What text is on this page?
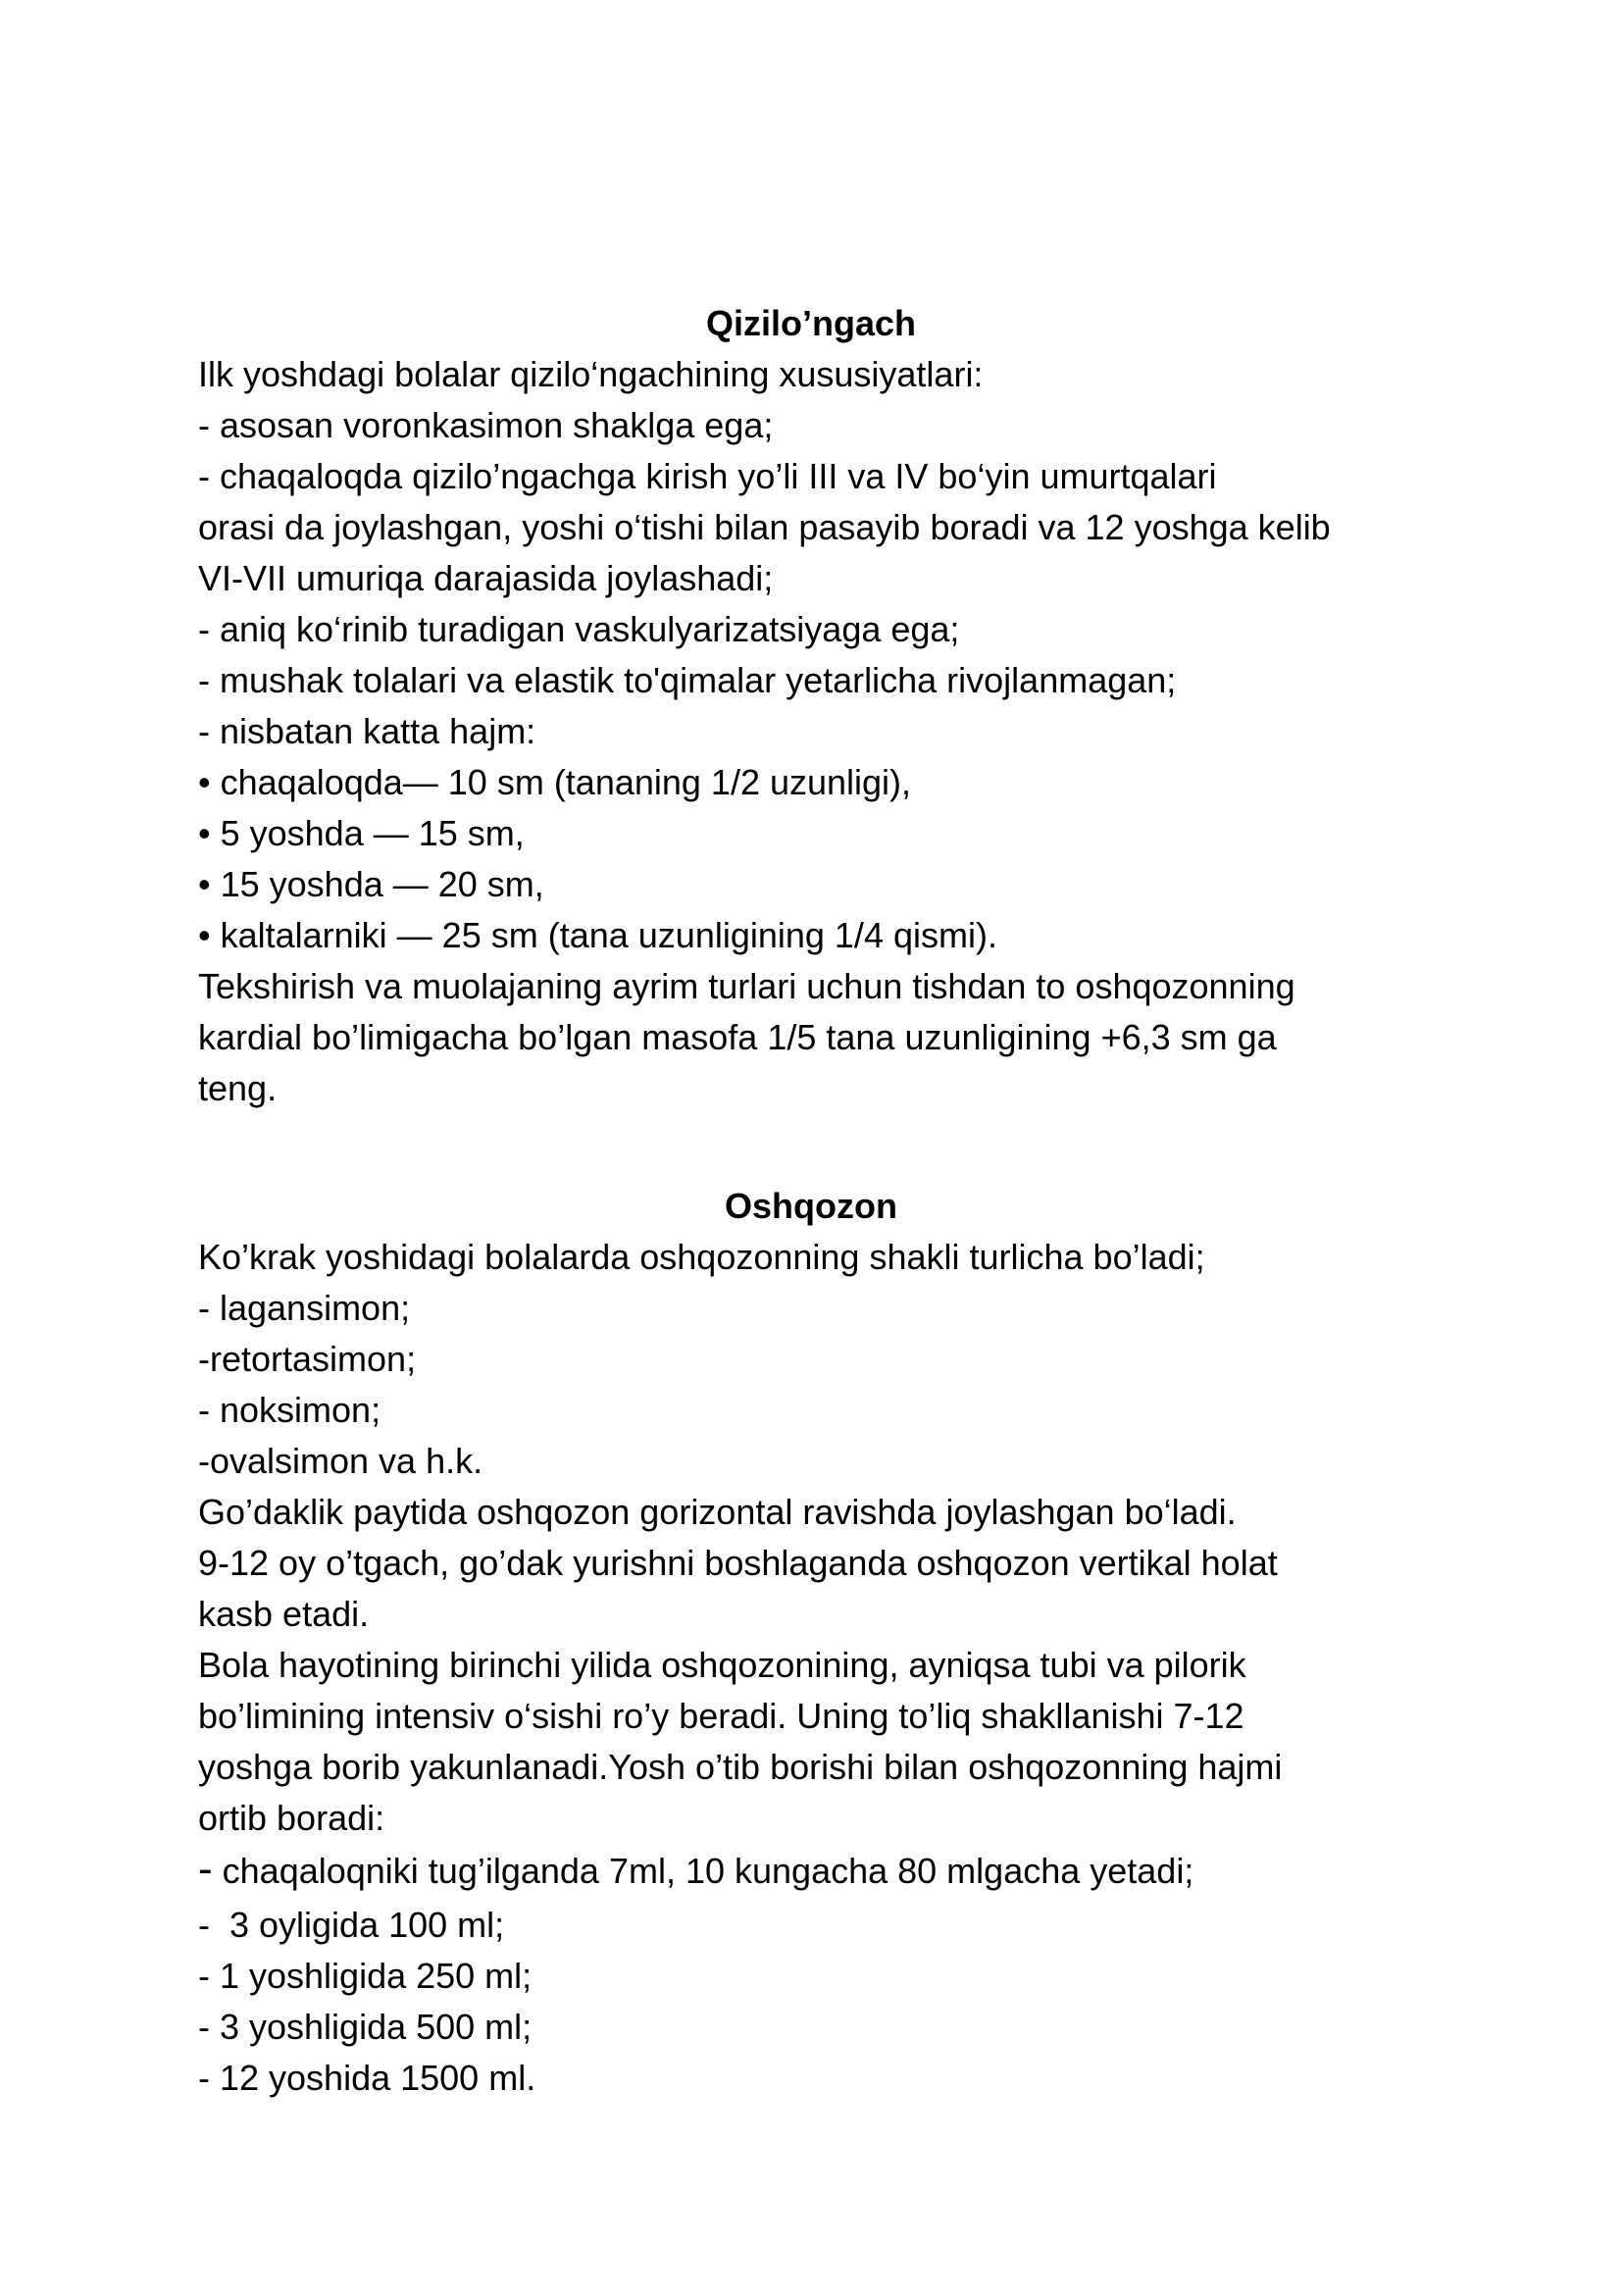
Qizilo’ngach
Ilk yoshdagi bolalar qizilo‘ngachining xususiyatlari:
- asosan voronkasimon shaklga ega;
- chaqaloqda qizilo’ngachga kirish yo’li III va IV bo‘yin umurtqalari
orasi da joylashgan, yoshi o‘tishi bilan pasayib boradi va 12 yoshga kelib
VI-VII umuriqa darajasida joylashadi;
- aniq ko‘rinib turadigan vaskulyarizatsiyaga ega;
- mushak tolalari va elastik to'qimalar yetarlicha rivojlanmagan;
- nisbatan katta hajm:
• chaqaloqda— 10 sm (tananing 1/2 uzunligi),
• 5 yoshda — 15 sm,
• 15 yoshda — 20 sm,
• kaltalarniki — 25 sm (tana uzunligining 1/4 qismi).
Tekshirish va muolajaning ayrim turlari uchun tishdan to oshqozonning
kardial bo’limigacha bo’lgan masofa 1/5 tana uzunligining +6,3 sm ga
teng.
Oshqozon
Ko’krak yoshidagi bolalarda oshqozonning shakli turlicha bo’ladi;
- lagansimon;
-retortasimon;
- noksimon;
-ovalsimon va h.k.
Go’daklik paytida oshqozon gorizontal ravishda joylashgan bo‘ladi.
9-12 oy o’tgach, go’dak yurishni boshlaganda oshqozon vertikal holat
kasb etadi.
Bola hayotining birinchi yilida oshqozonining, ayniqsa tubi va pilorik
bo’limining intensiv o‘sishi ro’y beradi. Uning to’liq shakllanishi 7-12
yoshga borib yakunlanadi.Yosh o’tib borishi bilan oshqozonning hajmi
ortib boradi:
- chaqaloqniki tug’ilganda 7ml, 10 kungacha 80 mlgacha yetadi;
-  3 oyligida 100 ml;
- 1 yoshligida 250 ml;
- 3 yoshligida 500 ml;
- 12 yoshida 1500 ml.
